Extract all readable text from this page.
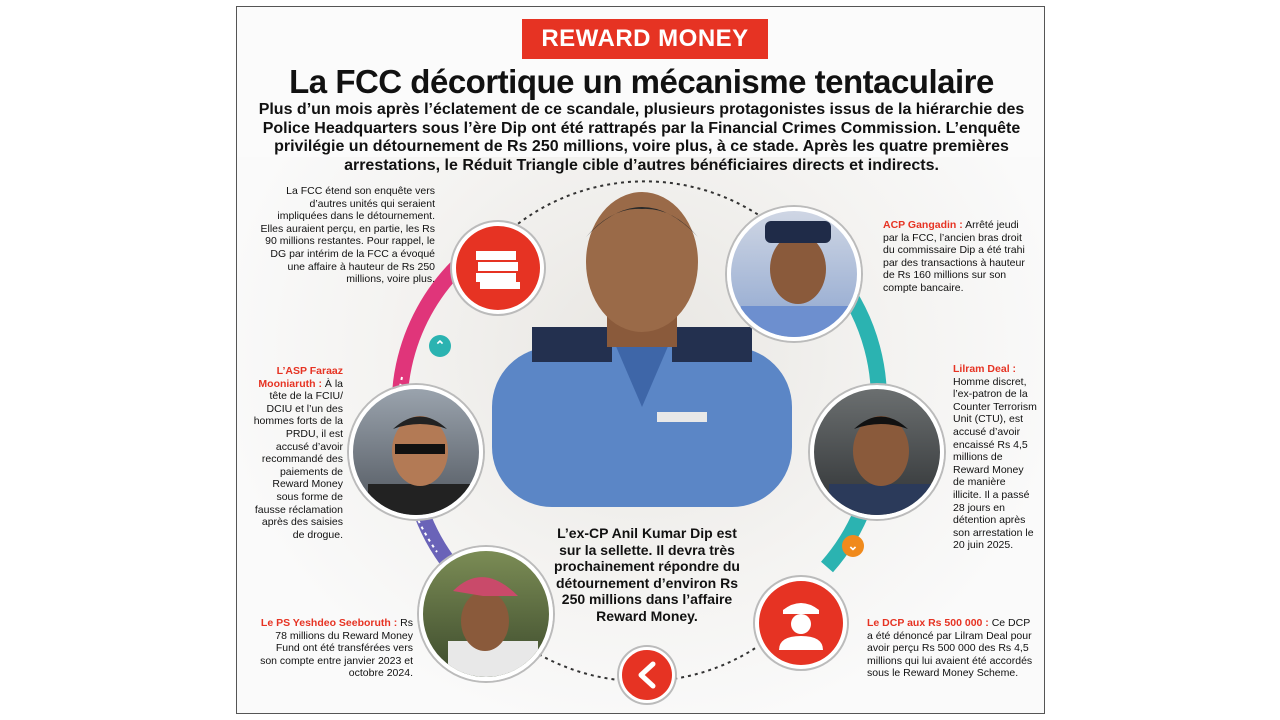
REWARD MONEY
La FCC décortique un mécanisme tentaculaire
Plus d’un mois après l’éclatement de ce scandale, plusieurs protagonistes issus de la hiérarchie des Police Headquarters sous l’ère Dip ont été rattrapés par la Financial Crimes Commission. L’enquête privilégie un détournement de Rs 250 millions, voire plus, à ce stade. Après les quatre premières arrestations, le Réduit Triangle cible d’autres bénéficiaires directs et indirects.
La FCC étend son enquête vers d’autres unités qui seraient impliquées dans le détournement. Elles auraient perçu, en partie, les Rs 90 millions restantes. Pour rappel, le DG par intérim de la FCC a évoqué une affaire à hauteur de Rs 250 millions, voire plus.
⌃
ACP Gangadin : Arrêté jeudi par la FCC, l’ancien bras droit du commissaire Dip a été trahi par des transactions à hauteur de Rs 160 millions sur son compte bancaire.
L’ASP Faraaz Mooniaruth : À la tête de la FCIU/ DCIU et l’un des hommes forts de la PRDU, il est accusé d’avoir recommandé des paiements de Reward Money sous forme de fausse réclamation après des saisies de drogue.
Lilram Deal : Homme discret, l’ex-patron de la Counter Terrorism Unit (CTU), est accusé d’avoir encaissé Rs 4,5 millions de Reward Money de manière illicite. Il a passé 28 jours en détention après son arrestation le 20 juin 2025.
⌄
Le PS Yeshdeo Seeboruth : Rs 78 millions du Reward Money Fund ont été transférées vers son compte entre janvier 2023 et octobre 2024.
L’ex-CP Anil Kumar Dip est sur la sellette. Il devra très prochainement répondre du détournement d’environ Rs 250 millions dans l’affaire Reward Money.	Le DCP aux Rs 500 000 : Ce DCP a été dénoncé par Lilram Deal pour avoir perçu Rs 500 000 des Rs 4,5 millions qui lui avaient été accordés sous le Reward Money Scheme.
